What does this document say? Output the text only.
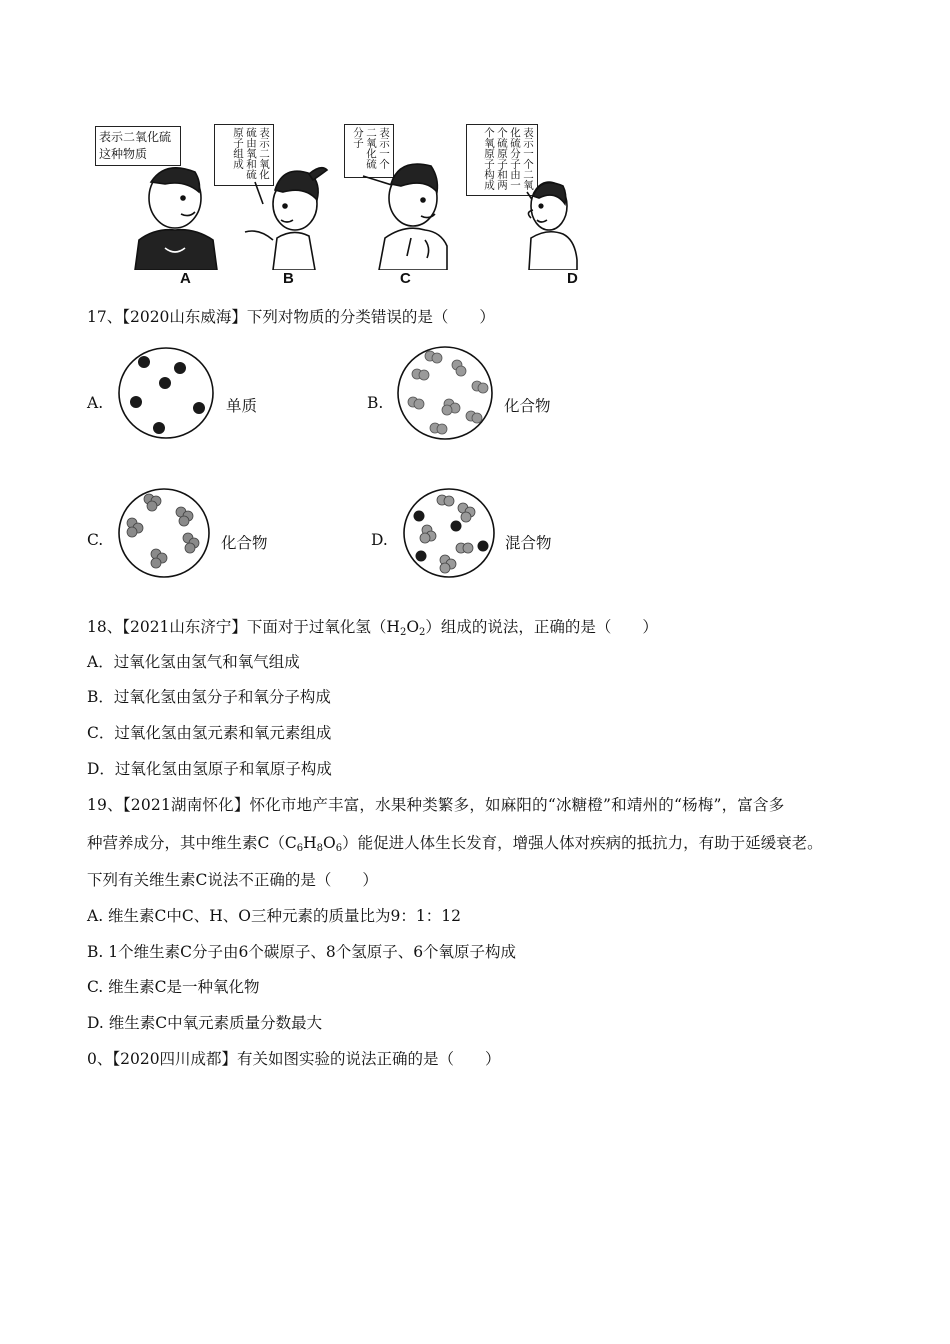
表示二氧化硫这种物质	表示二氧化硫由氧和硫原子组成	表示一个二氧化硫分子	表示一个二氧化硫分子由一个硫原子和两个氧原子构成
A	B	C	D
17、【2020山东威海】下列对物质的分类错误的是（　　）
A.	单质	B.	化合物
C.	化合物	D.	混合物
18、【2021山东济宁】下面对于过氧化氢$(H_2O_2)$组成的说法，正确的是（　　）
A．过氧化氢由氢气和氧气组成
B．过氧化氢由氢分子和氧分子构成
C．过氧化氢由氢元素和氧元素组成
D．过氧化氢由氢原子和氧原子构成
19、【2021湖南怀化】怀化市地产丰富，水果种类繁多，如麻阳的“冰糖橙”和靖州的“杨梅”，富含多
种营养成分，其中维生素$C(C_6H_8O_6)$能促进人体生长发育，增强人体对疾病的抵抗力，有助于延缓衰老。
下列有关维生素C说法不正确的是（　　）
A. 维生素C中C、H、O三种元素的质量比为9：1：12
B. 1个维生素C分子由6个碳原子、8个氢原子、6个氧原子构成
C. 维生素C是一种氧化物
D. 维生素C中氧元素质量分数最大
0、【2020四川成都】有关如图实验的说法正确的是（　　）
